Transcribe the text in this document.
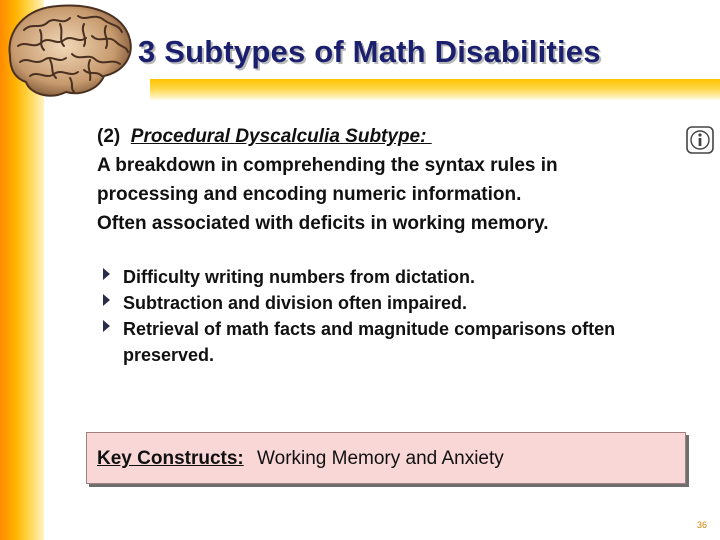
3 Subtypes of Math Disabilities
(2)  Procedural Dyscalculia Subtype:
A breakdown in comprehending the syntax rules in
processing and encoding numeric information.
Often associated with deficits in working memory.
Difficulty writing numbers from dictation.
Subtraction and division often impaired.
Retrieval of math facts and magnitude comparisons often preserved.
Key Constructs: Working Memory and Anxiety
36
